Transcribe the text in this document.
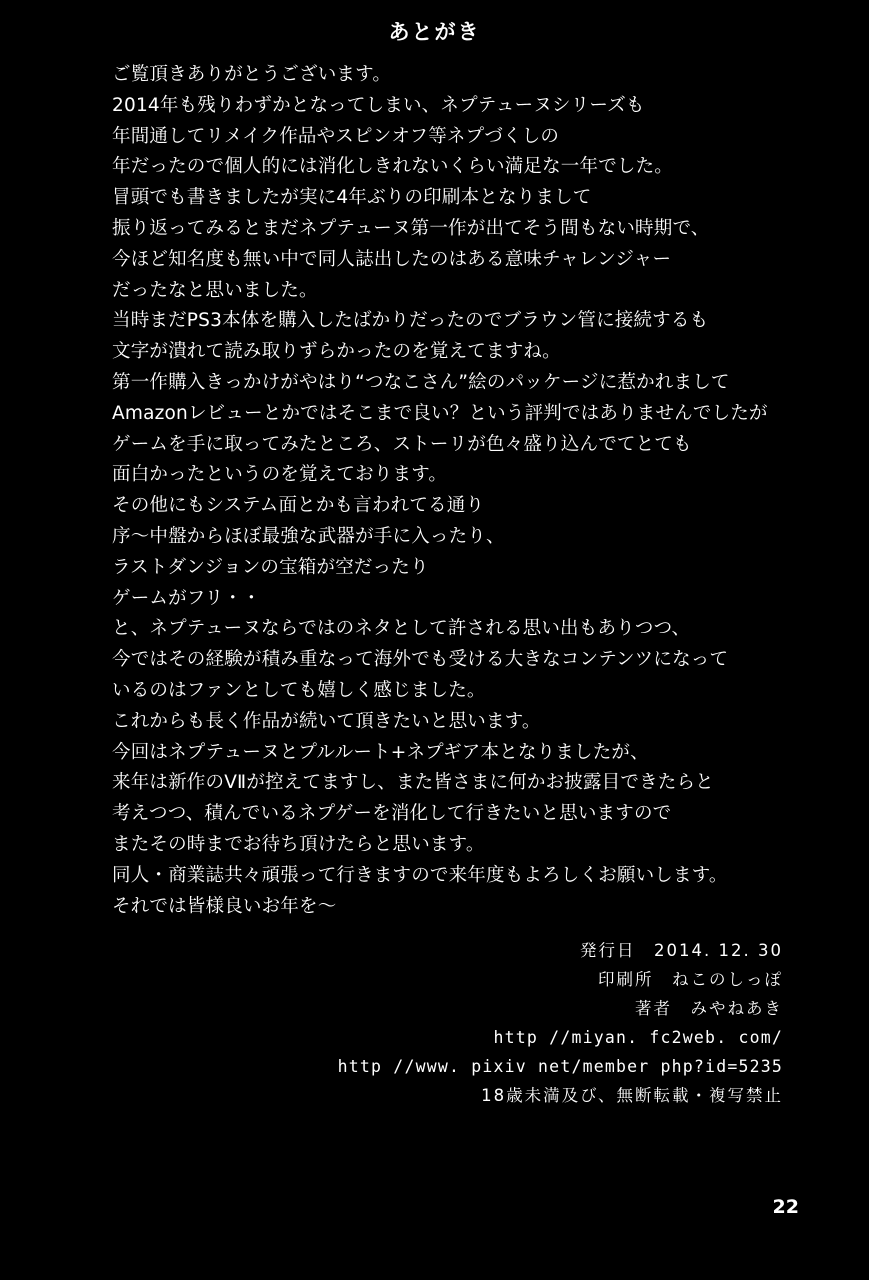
あとがき

ご覧頂きありがとうございます。

2014年も残りわずかとなってしまい、ネプテューヌシリーズも

年間通してリメイク作品やスピンオフ等ネプづくしの

年だったので個人的には消化しきれないくらい満足な一年でした。

冒頭でも書きましたが実に4年ぶりの印刷本となりまして

振り返ってみるとまだネプテューヌ第一作が出てそう間もない時期で、

今ほど知名度も無い中で同人誌出したのはある意味チャレンジャー

だったなと思いました。

当時まだPS3本体を購入したばかりだったのでブラウン管に接続するも

文字が潰れて読み取りずらかったのを覚えてますね。

第一作購入きっかけがやはり“つなこさん”絵のパッケージに惹かれまして

Amazonレビューとかではそこまで良い？という評判ではありませんでしたが

ゲームを手に取ってみたところ、ストーリが色々盛り込んでてとても

面白かったというのを覚えております。

その他にもシステム面とかも言われてる通り

序〜中盤からほぼ最強な武器が手に入ったり、

ラストダンジョンの宝箱が空だったり

ゲームがフリ・・

と、ネプテューヌならではのネタとして許される思い出もありつつ、

今ではその経験が積み重なって海外でも受ける大きなコンテンツになって

いるのはファンとしても嬉しく感じました。

これからも長く作品が続いて頂きたいと思います。

今回はネプテューヌとプルルート+ネプギア本となりましたが、

来年は新作のVⅡが控えてますし、また皆さまに何かお披露目できたらと

考えつつ、積んでいるネプゲーを消化して行きたいと思いますので

またその時までお待ち頂けたらと思います。

同人・商業誌共々頑張って行きますので来年度もよろしくお願いします。

それでは皆様良いお年を〜

発行日　2014. 12. 30
印刷所　ねこのしっぽ
著者　みやねあき
http //miyan. fc2web. com/
http //www. pixiv net/member php?id=5235
18歳未満及び、無断転載・複写禁止
22
